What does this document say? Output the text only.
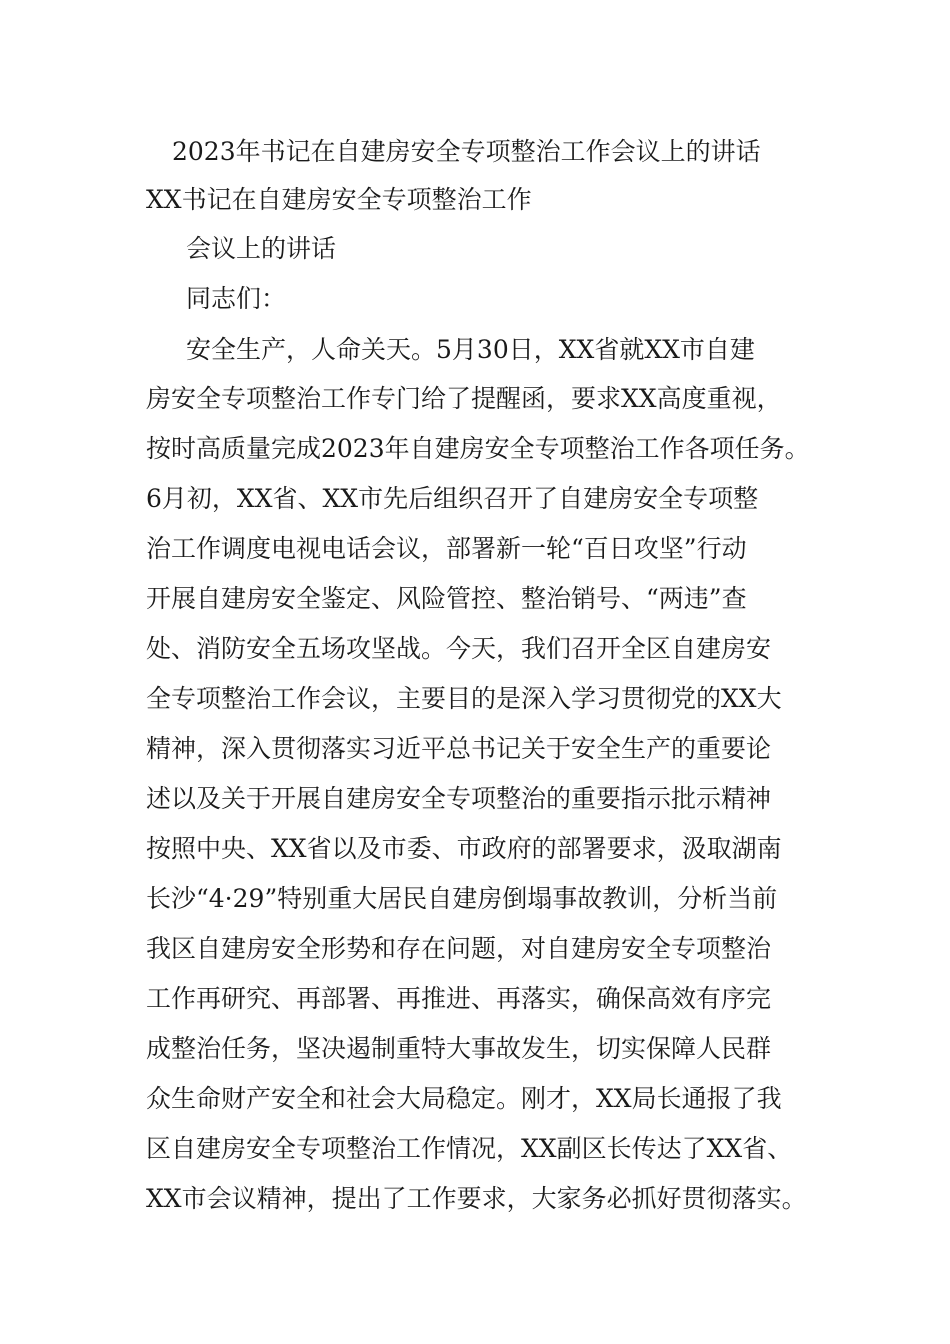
2023年书记在自建房安全专项整治工作会议上的讲话
XX书记在自建房安全专项整治工作
会议上的讲话
同志们：
安全生产，人命关天。5月30日，XX省就XX市自建
房安全专项整治工作专门给了提醒函，要求XX高度重视，
按时高质量完成2023年自建房安全专项整治工作各项任务。
6月初，XX省、XX市先后组织召开了自建房安全专项整
治工作调度电视电话会议，部署新一轮“百日攻坚”行动
开展自建房安全鉴定、风险管控、整治销号、“两违”查
处、消防安全五场攻坚战。今天，我们召开全区自建房安
全专项整治工作会议，主要目的是深入学习贯彻党的XX大
精神，深入贯彻落实习近平总书记关于安全生产的重要论
述以及关于开展自建房安全专项整治的重要指示批示精神
按照中央、XX省以及市委、市政府的部署要求，汲取湖南
长沙“4·29”特别重大居民自建房倒塌事故教训，分析当前
我区自建房安全形势和存在问题，对自建房安全专项整治
工作再研究、再部署、再推进、再落实，确保高效有序完
成整治任务，坚决遏制重特大事故发生，切实保障人民群
众生命财产安全和社会大局稳定。刚才，XX局长通报了我
区自建房安全专项整治工作情况，XX副区长传达了XX省、
XX市会议精神，提出了工作要求，大家务必抓好贯彻落实。
